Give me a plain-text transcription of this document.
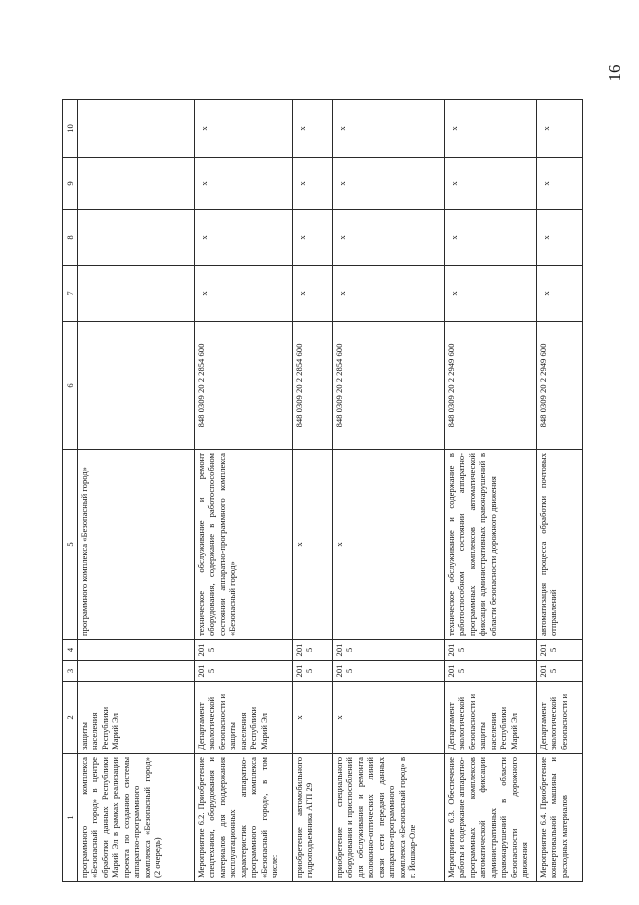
16
1	2	3	4	5	6	7	8	9	10
программного комплекса «Безопасный город» в центре обработки данных Республики Марий Эл в рамках реализации проекта по созданию системы аппаратно-программного комплекса «Безопасный город» (2 очередь)	защиты населения Республики Марий Эл			программного комплекса «Безопасный город»					
Мероприятие 6.2. Приобретение спецтехники, оборудования и материалов для поддержания эксплуатационных характеристик аппаратно-программного комплекса «Безопасный город», в том числе:	Департамент экологической безопасности и защиты населения Республики Марий Эл	2015	2015	техническое обслуживание и ремонт оборудования, содержание в работоспособном состоянии аппаратно-программного комплекса «Безопасный город»	848 0309 20 2 2854 600	х	х	х	х
приобретение автомобильного гидроподъемника АГП 29	х	2015	2015	х	848 0309 20 2 2854 600	х	х	х	х
приобретение специального оборудования и приспособлений для обслуживания и ремонта волоконно-оптических линий связи сети передачи данных аппаратно-программного комплекса «Безопасный город» в г. Йошкар-Оле	х	2015	2015	х	848 0309 20 2 2854 600	х	х	х	х
Мероприятие 6.3. Обеспечение работы и содержание аппаратно-программных комплексов автоматической фиксации административных правонарушений в области безопасности дорожного движения	Департамент экологической безопасности и защиты населения Республики Марий Эл	2015	2015	техническое обслуживание и содержание в работоспособном состоянии аппаратно-программных комплексов автоматической фиксации административных правонарушений в области безопасности дорожного движения	848 0309 20 2 2949 600	х	х	х	х
Мероприятие 6.4. Приобретение конвертовальной машины и расходных материалов	Департамент экологической безопасности и	2015	2015	автоматизация процесса обработки почтовых отправлений	848 0309 20 2 2949 600	х	х	х	х
